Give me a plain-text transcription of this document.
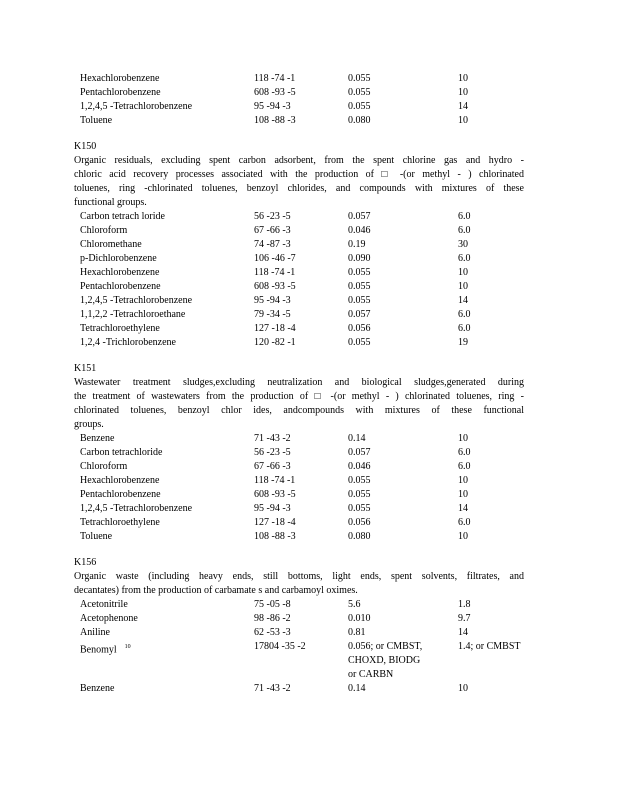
Hexachlorobenzene	118 -74 -1	0.055	10
Pentachlorobenzene	608 -93 -5	0.055	10
1,2,4,5 -Tetrachlorobenzene	95 -94 -3	0.055	14
Toluene	108 -88 -3	0.080	10
K150
Organic residuals, excluding spent carbon adsorbent, from the spent chlorine gas and hydro -
chloric acid recovery processes associated with the production of □ -(or methyl - ) chlorinated
toluenes, ring -chlorinated toluenes, benzoyl chlorides, and compounds with mixtures of these
functional groups.
Carbon tetrach loride	56 -23 -5	0.057	6.0
Chloroform	67 -66 -3	0.046	6.0
Chloromethane	74 -87 -3	0.19	30
p-Dichlorobenzene	106 -46 -7	0.090	6.0
Hexachlorobenzene	118 -74 -1	0.055	10
Pentachlorobenzene	608 -93 -5	0.055	10
1,2,4,5 -Tetrachlorobenzene	95 -94 -3	0.055	14
1,1,2,2 -Tetrachloroethane	79 -34 -5	0.057	6.0
Tetrachloroethylene	127 -18 -4	0.056	6.0
1,2,4 -Trichlorobenzene	120 -82 -1	0.055	19
K151
Wastewater treatment sludges,excluding neutralization and biological sludges,generated during
the treatment of wastewaters from the production of □ -(or methyl - ) chlorinated toluenes, ring -
chlorinated toluenes, benzoyl chlor ides, andcompounds with mixtures of these functional
groups.
Benzene	71 -43 -2	0.14	10
Carbon tetrachloride	56 -23 -5	0.057	6.0
Chloroform	67 -66 -3	0.046	6.0
Hexachlorobenzene	118 -74 -1	0.055	10
Pentachlorobenzene	608 -93 -5	0.055	10
1,2,4,5 -Tetrachlorobenzene	95 -94 -3	0.055	14
Tetrachloroethylene	127 -18 -4	0.056	6.0
Toluene	108 -88 -3	0.080	10
K156
Organic waste (including heavy ends, still bottoms, light ends, spent solvents, filtrates, and
decantates) from the production of carbamate s and carbamoyl oximes.
Acetonitrile	75 -05 -8	5.6	1.8
Acetophenone	98 -86 -2	0.010	9.7
Aniline	62 -53 -3	0.81	14
Benomyl $^{10}$	17804 -35 -2	0.056; or CMBST,	1.4; or CMBST
CHOXD, BIODG
or CARBN
Benzene	71 -43 -2	0.14	10
